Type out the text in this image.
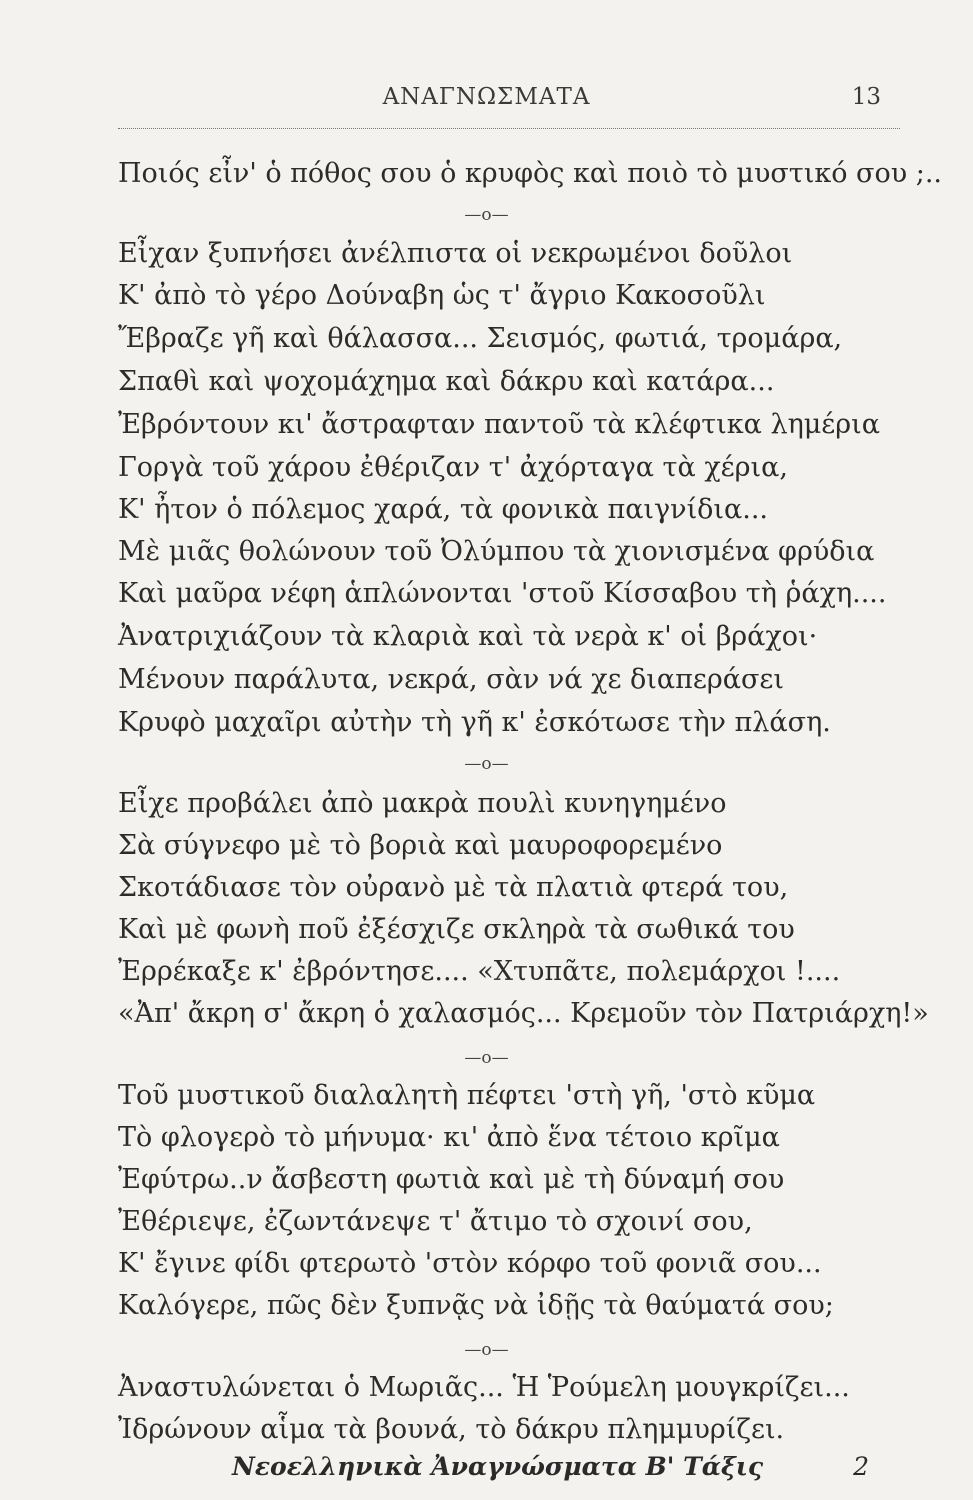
ΑΝΑΓΝΩΣΜΑΤΑ	13
Ποιός εἶν' ὁ πόθος σου ὁ κρυφὸς καὶ ποιὸ τὸ μυστικό σου ;..
—ο—
Εἶχαν ξυπνήσει ἀνέλπιστα οἱ νεκρωμένοι δοῦλοι
Κ' ἀπὸ τὸ γέρο Δούναβη ὡς τ' ἄγριο Κακοσοῦλι
Ἔβραζε γῆ καὶ θάλασσα... Σεισμός, φωτιά, τρομάρα,
Σπαθὶ καὶ ψοχομάχημα καὶ δάκρυ καὶ κατάρα...
Ἐβρόντουν κι' ἄστραφταν παντοῦ τὰ κλέφτικα λημέρια
Γοργὰ τοῦ χάρου ἐθέριζαν τ' ἀχόρταγα τὰ χέρια,
Κ' ἦτον ὁ πόλεμος χαρά, τὰ φονικὰ παιγνίδια...
Μὲ μιᾶς θολώνουν τοῦ Ὀλύμπου τὰ χιονισμένα φρύδια
Καὶ μαῦρα νέφη ἁπλώνονται 'στοῦ Κίσσαβου τὴ ῥάχη....
Ἀνατριχιάζουν τὰ κλαριὰ καὶ τὰ νερὰ κ' οἱ βράχοι·
Μένουν παράλυτα, νεκρά, σὰν νά χε διαπεράσει
Κρυφὸ μαχαῖρι αὐτὴν τὴ γῆ κ' ἐσκότωσε τὴν πλάση.
—ο—
Εἶχε προβάλει ἀπὸ μακρὰ πουλὶ κυνηγημένο
Σὰ σύγνεφο μὲ τὸ βοριὰ καὶ μαυροφορεμένο
Σκοτάδιασε τὸν οὐρανὸ μὲ τὰ πλατιὰ φτερά του,
Καὶ μὲ φωνὴ ποῦ ἐξέσχιζε σκληρὰ τὰ σωθικά του
Ἐρρέκαξε κ' ἐβρόντησε.... «Χτυπᾶτε, πολεμάρχοι !....
«Ἀπ' ἄκρη σ' ἄκρη ὁ χαλασμός... Κρεμοῦν τὸν Πατριάρχη!»
—ο—
Τοῦ μυστικοῦ διαλαλητὴ πέφτει 'στὴ γῆ, 'στὸ κῦμα
Τὸ φλογερὸ τὸ μήνυμα· κι' ἀπὸ ἕνα τέτοιο κρῖμα
Ἐφύτρω..ν ἄσβεστη φωτιὰ καὶ μὲ τὴ δύναμή σου
Ἐθέριεψε, ἐζωντάνεψε τ' ἄτιμο τὸ σχοινί σου,
Κ' ἔγινε φίδι φτερωτὸ 'στὸν κόρφο τοῦ φονιᾶ σου...
Καλόγερε, πῶς δὲν ξυπνᾷς νὰ ἰδῇς τὰ θαύματά σου;
—ο—
Ἀναστυλώνεται ὁ Μωριᾶς... Ἡ Ῥούμελη μουγκρίζει...
Ἰδρώνουν αἷμα τὰ βουνά, τὸ δάκρυ πλημμυρίζει.
Νεοελληνικὰ Ἀναγνώσματα Β' Τάξις	2
